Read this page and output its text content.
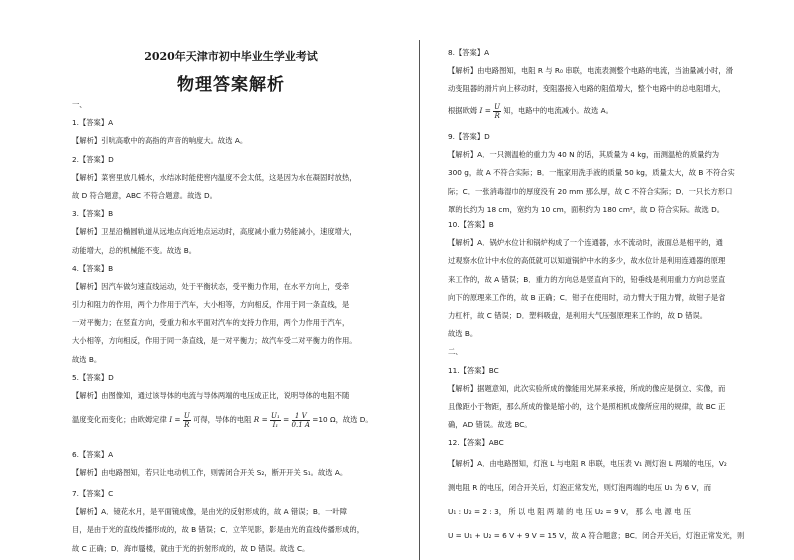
2020年天津市初中毕业生学业考试
物理答案解析
一、
1.【答案】A
【解析】引吭高歌中的高指的声音的响度大。故选 A。
2.【答案】D
【解析】菜窖里放几桶水，水结冰时能使窖内温度不会太低，这是因为水在凝固时放热，
故 D 符合题意，ABC 不符合题意。故选 D。
3.【答案】B
【解析】卫星沿椭圆轨道从远地点向近地点运动时，高度减小重力势能减小，速度增大，
动能增大，总的机械能不变。故选 B。
4.【答案】B
【解析】因汽车做匀速直线运动，处于平衡状态，受平衡力作用，在水平方向上，受牵
引力和阻力的作用，两个力作用于汽车，大小相等，方向相反，作用于同一条直线，是
一对平衡力；在竖直方向，受重力和水平面对汽车的支持力作用，两个力作用于汽车，
大小相等，方向相反，作用于同一条直线，是一对平衡力；故汽车受二对平衡力的作用。
故选 B。
5.【答案】D
【解析】由图像知，通过该导体的电流与导体两端的电压成正比，说明导体的电阻不随
温度变化而变化；由欧姆定律 $I = \frac{U}{R}$ 可得，导体的电阻 $R = \frac{\text{U₁}}{\text{I₁}} = \frac{1 V}{0.1 A} =10$ Ω，故选 D。
6.【答案】A
【解析】由电路图知，若只让电动机工作，则需闭合开关 S₂，断开开关 S₁。故选 A。
7.【答案】C
【解析】A．镜花水月，是平面镜成像，是由光的反射形成的，故 A 错误；B．一叶障
目，是由于光的直线传播形成的，故 B 错误；C．立竿见影，影是由光的直线传播形成的，
故 C 正确；D．海市蜃楼，就由于光的折射形成的，故 D 错误。故选 C。
8.【答案】A
【解析】由电路图知，电阻 R 与 R₀ 串联，电流表测整个电路的电流，当油量减小时，滑
动变阻器的滑片向上移动时，变阻器接入电路的阻值增大，整个电路中的总电阻增大，
根据欧姆 $I = \frac{U}{R}$ 知，电路中的电流减小。故选 A。
9.【答案】D
【解析】A．一只测温枪的重力为 40 N 的话，其质量为 4 kg，而测温枪的质量约为
300 g，故 A 不符合实际；B．一瓶家用洗手液的质量 50 kg，质量太大，故 B 不符合实
际；C．一张消毒湿巾的厚度没有 20 mm 那么厚，故 C 不符合实际；D．一只长方形口
罩的长约为 18 cm，宽约为 10 cm，面积约为 180 cm²，故 D 符合实际。故选 D。
10.【答案】B
【解析】A．锅炉水位计和锅炉构成了一个连通器，水不流动时，液面总是相平的，通
过观察水位计中水位的高低就可以知道锅炉中水的多少，故水位计是利用连通器的原理
来工作的，故 A 错误；B．重力的方向总是竖直向下的，铅垂线是利用重力方向总竖直
向下的原理来工作的，故 B 正确；C．钳子在使用时，动力臂大于阻力臂，故钳子是省
力杠杆，故 C 错误；D．塑料吸盘，是利用大气压强原理来工作的，故 D 错误。
故选 B。
二、
11.【答案】BC
【解析】据题意知，此次实验所成的像能用光屏来承接，所成的像应是倒立、实像，而
且像距小于物距，那么所成的像是缩小的，这个是照相机成像所应用的规律，故 BC 正
确，AD 错误。故选 BC。
12.【答案】ABC
【解析】A．由电路图知，灯泡 L 与电阻 R 串联，电压表 V₁ 测灯泡 L 两端的电压，V₂
测电阻 R 的电压，闭合开关后，灯泡正常发光，则灯泡两端的电压 U₁ 为 6 V，而
U₁ : U₂ = 2 : 3， 所 以 电 阻 两 端 的 电 压 U₂ = 9 V， 那 么 电 源 电 压
U = U₁ + U₂ = 6 V + 9 V = 15 V，故 A 符合题意；BC．闭合开关后，灯泡正常发光，则
